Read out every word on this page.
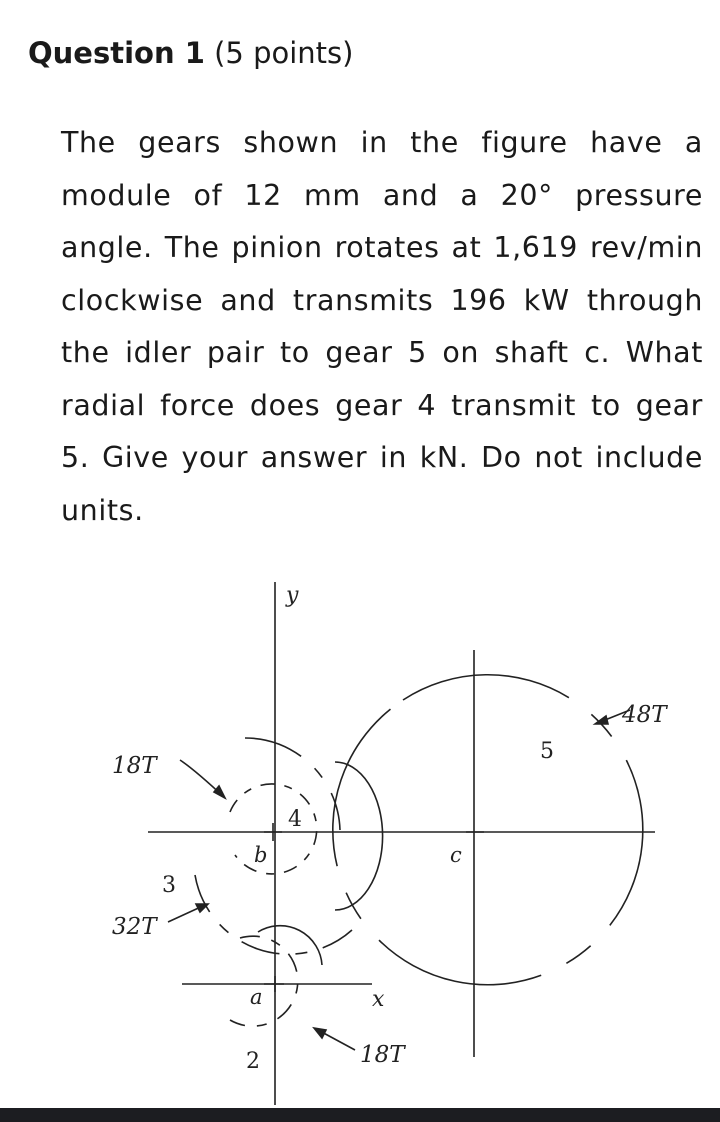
Question 1 (5 points)
The gears shown in the figure have a module of 12 mm and a 20° pressure angle. The pinion rotates at 1,619 rev/min clockwise and transmits 196 kW through the idler pair to gear 5 on shaft c. What radial force does gear 4 transmit to gear 5. Give your answer in kN. Do not include units.
y
x
b	c
a
2
3
4
5
18T
32T
48T
18T
